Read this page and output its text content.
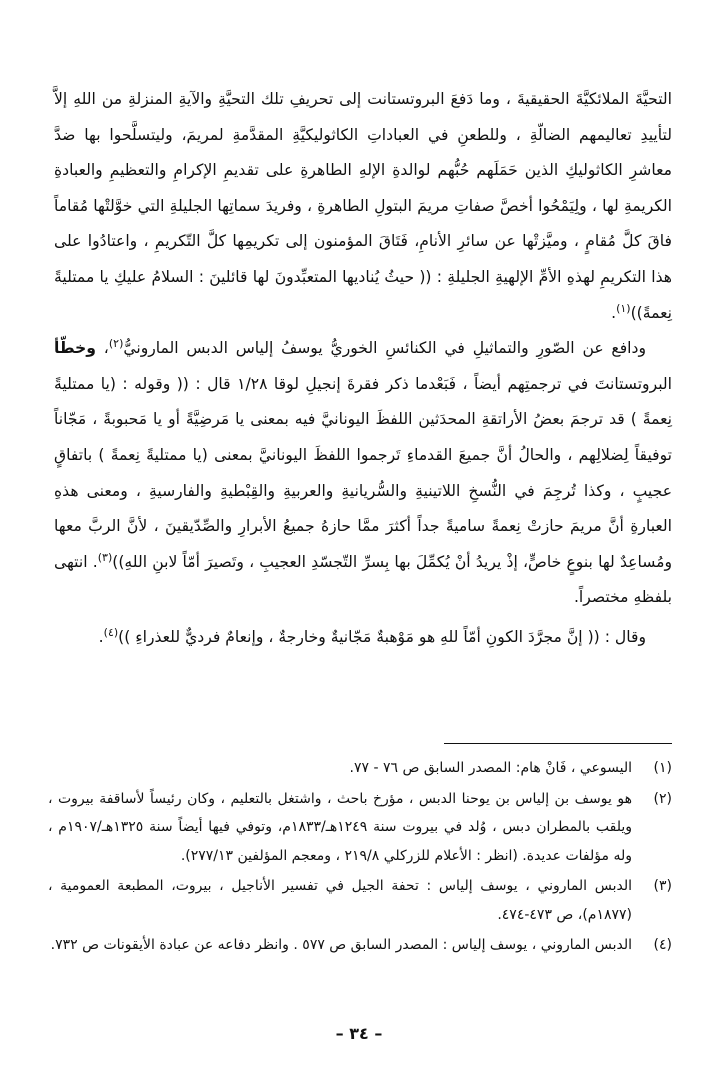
التحيَّةَ الملائكيَّةَ الحقيقيةَ ، وما دَفعَ البروتستانت إلى تحريفِ تلك التحيَّةِ والآيةِ المنزلةِ من اللهِ إلاَّ لتأييدِ تعاليمهم الضالّةِ ، وللطعنِ في العباداتِ الكاثوليكيَّةِ المقدَّمةِ لمريمَ، وليتسلَّحوا بها ضدَّ معاشرِ الكاثوليكِ الذين حَمَلَهم حُبُّهم لوالدةِ الإلهِ الطاهرةِ على تقديمِ الإكرامِ والتعظيمِ والعبادةِ الكريمةِ لها ، ولِيَمْحُوا أخصَّ صفاتِ مريمَ البتولِ الطاهرةِ ، وفريدَ سماتِها الجليلةِ التي خوَّلتْها مُقاماً فاقَ كلَّ مُقامٍ ، وميَّزتْها عن سائرِ الأنامِ، فَتَاقَ المؤمنون إلى تكريمِها كلَّ التّكريمِ ، واعتادُوا على هذا التكريمِ لهذهِ الأمِّ الإلهيةِ الجليلةِ : (( حيثُ يُناديها المتعبِّدونَ لها قائلينَ : السلامُ عليكِ يا ممتليةً نِعمةً))$^{(١)}$.

ودافع عن الصّورِ والتماثيلِ في الكنائسِ الخوريُّ يوسفُ إلياس الدبس المارونيُّ$^{(٢)}$، وخطّأ البروتستانتَ في ترجمتِهم أيضاً ، فَبَعْدما ذكر فقرةَ إنجيلِ لوقا ١/٢٨ قال : (( وقوله : (يا ممتليةً نِعمةً ) قد ترجمَ بعضُ الأراتقةِ المحدَثين اللفظَ اليونانيَّ فيه بمعنى يا مَرضِيَّةً أو يا مَحبوبةً ، مَجّاناً توفيقاً لِضلالِهم ، والحالُ أنَّ جميعَ القدماءِ تَرجموا اللفظَ اليونانيَّ بمعنى (يا ممتليةً نِعمةً ) باتفاقٍ عجيبٍ ، وكذا تُرجِمَ في النُّسخِ اللاتينيةِ والسُّريانيةِ والعربيةِ والقِبْطيةِ والفارسيةِ ، ومعنى هذهِ العبارةِ أنَّ مريمَ حازتْ نِعمةً ساميةً جداً أكثرَ ممَّا حازهُ جميعُ الأبرارِ والصِّدّيقينَ ، لأنَّ الربَّ معها ومُساعِدٌ لها بنوعٍ خاصٍّ، إذْ يريدُ أنْ يُكمِّلَ بها بِسرِّ التّجسّدِ العجيبِ ، وتَصيرَ أمّاً لابنِ اللهِ))$^{(٣)}$. انتهى بلفظهِ مختصراً.

وقال : (( إنَّ مجرَّدَ الكونِ أمّاً للهِ هو مَوْهبةٌ مَجّانيةٌ وخارجةٌ ، وإنعامٌ فرديٌّ للعذراءِ ))$^{(٤)}$.

(١)
اليسوعي ، فَانْ هام: المصدر السابق ص ٧٦ - ٧٧.
(٢)
هو يوسف بن إلياس بن يوحنا الدبس ، مؤرخ باحث ، واشتغل بالتعليم ، وكان رئيساً لأساقفة بيروت ، ويلقب بالمطران دبس ، وُلد في بيروت سنة ١٢٤٩هـ/١٨٣٣م، وتوفي فيها أيضاً سنة ١٣٢٥هـ/١٩٠٧م ، وله مؤلفات عديدة. (انظر : الأعلام للزركلي ٢١٩/٨ ، ومعجم المؤلفين ٢٧٧/١٣).
(٣)
الدبس الماروني ، يوسف إلياس : تحفة الجيل في تفسير الأناجيل ، بيروت، المطبعة العمومية ، (١٨٧٧م)، ص ٤٧٣-٤٧٤.
(٤)
الدبس الماروني ، يوسف إلياس : المصدر السابق ص ٥٧٧ . وانظر دفاعه عن عبادة الأيقونات ص ٧٣٢.
– ٣٤ –
